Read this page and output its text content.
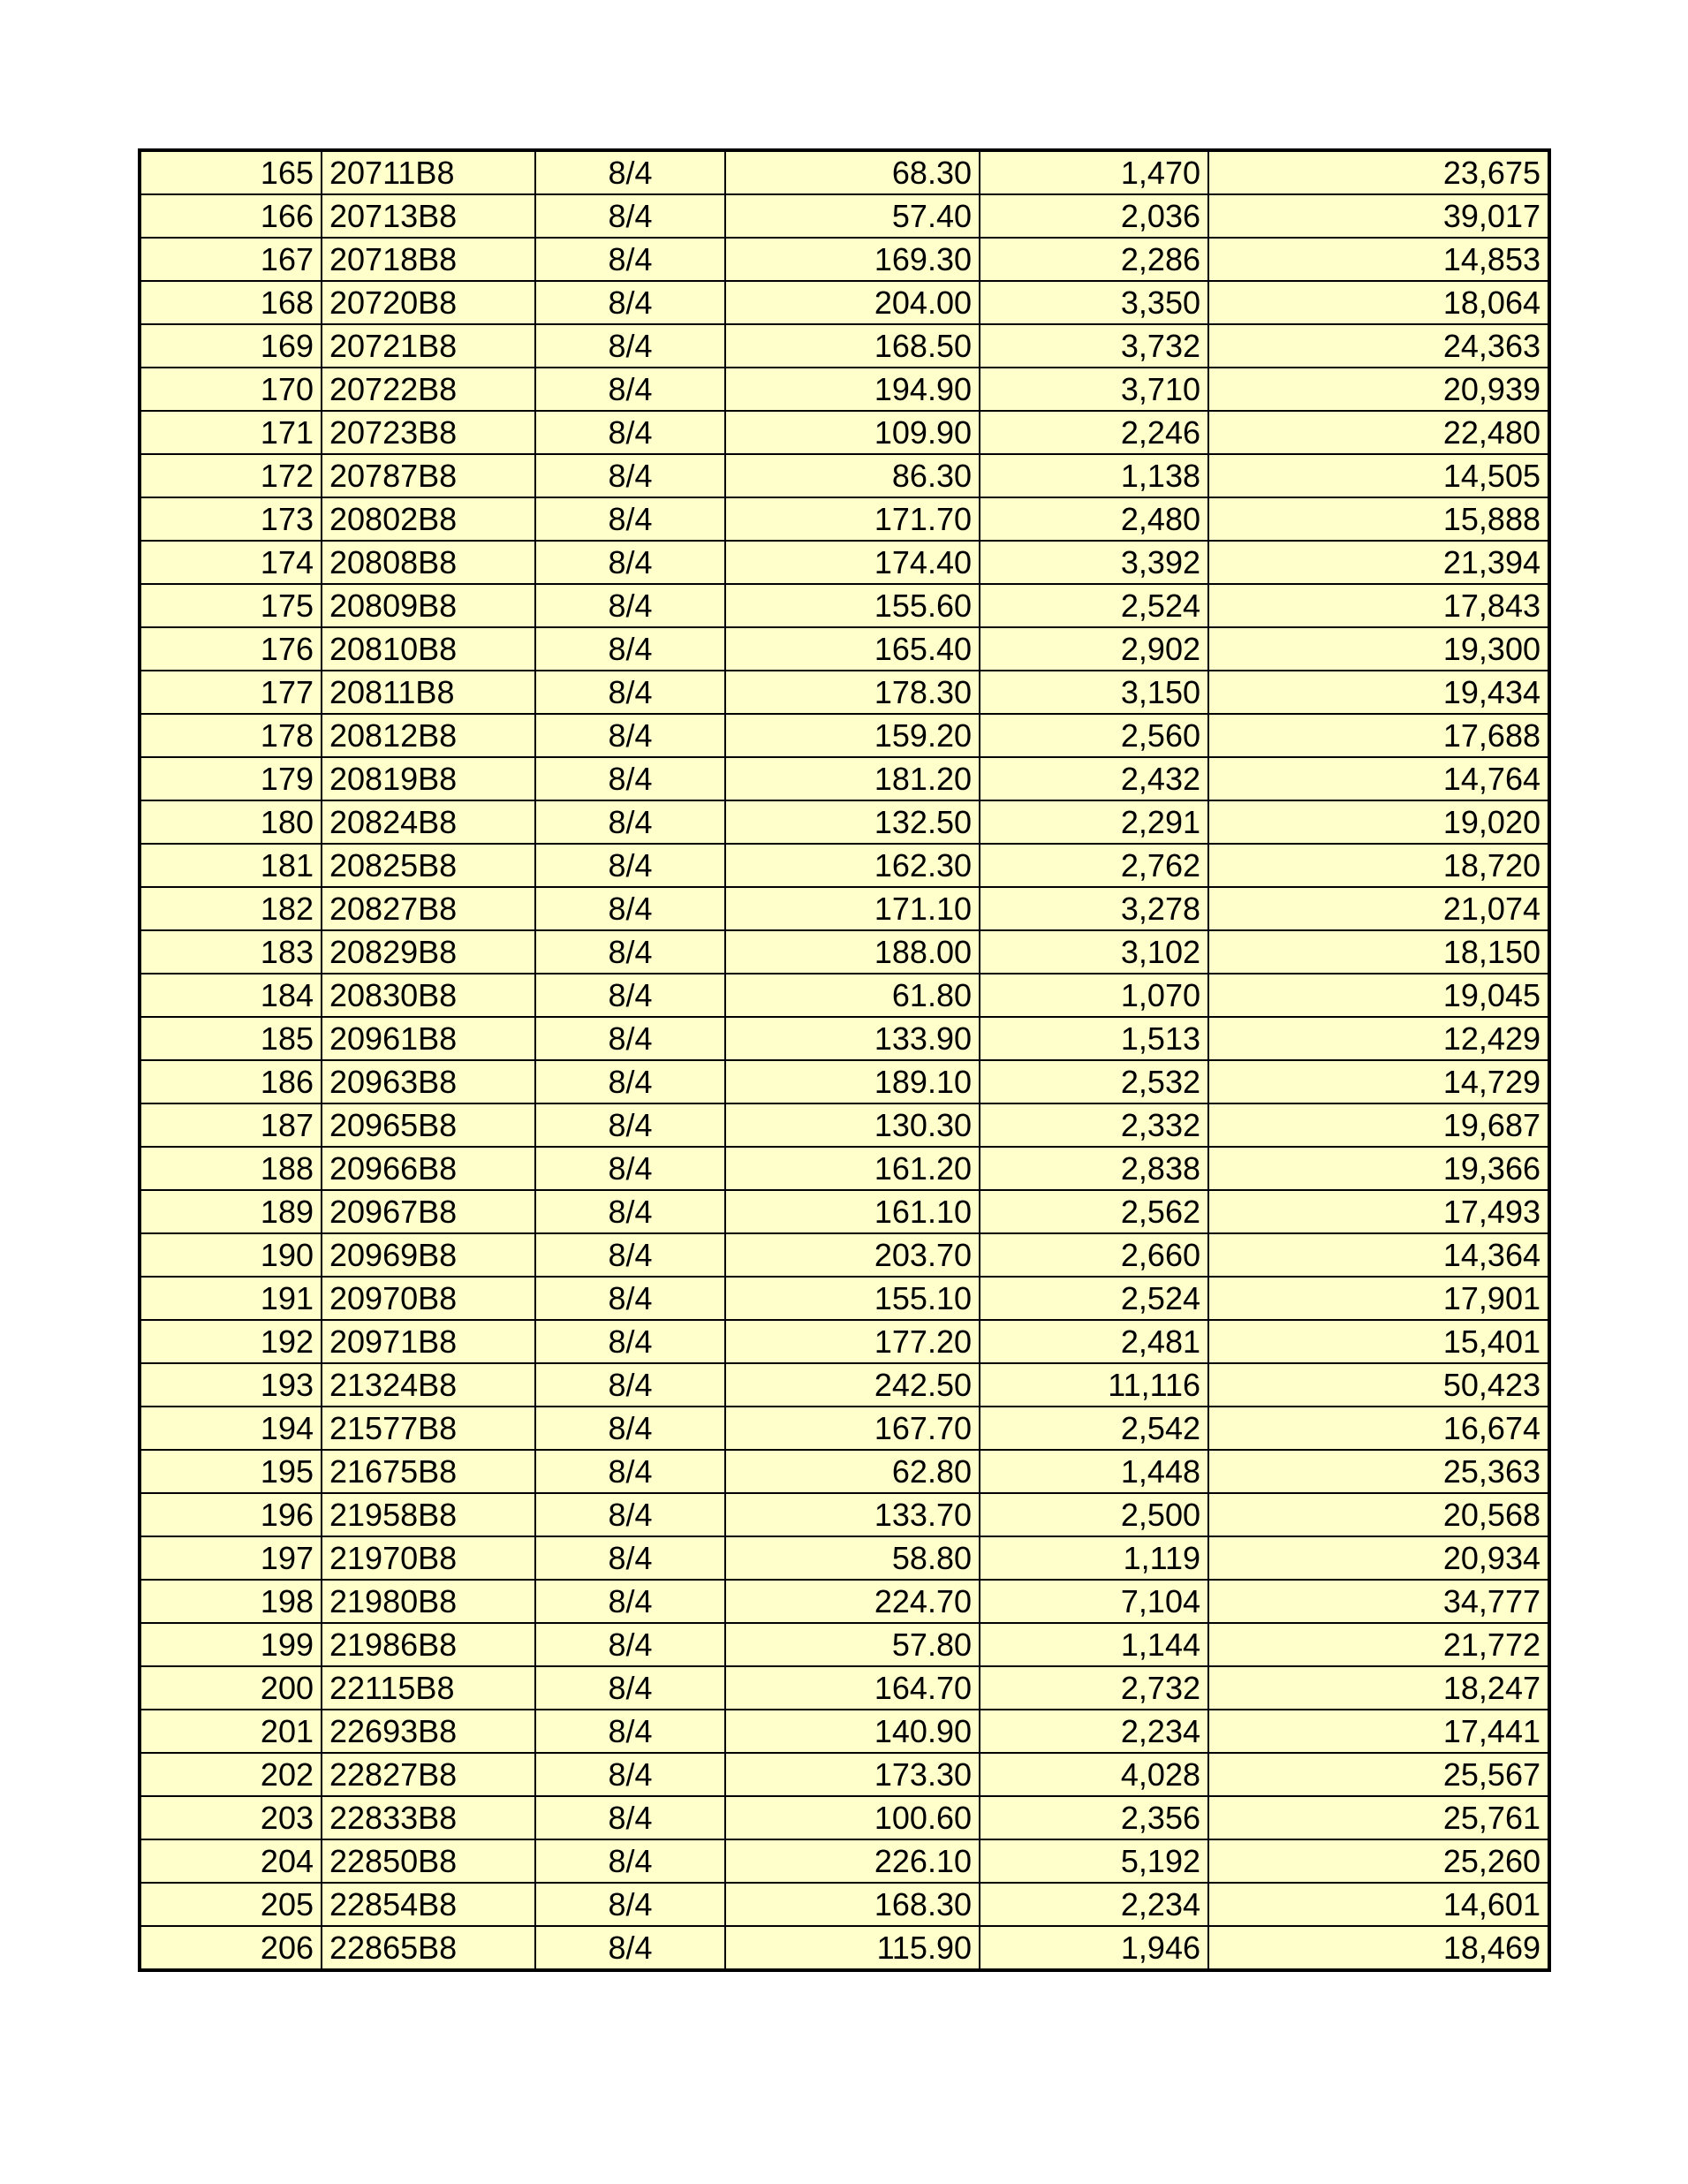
165	20711B8	8/4	68.30	1,470	23,675
166	20713B8	8/4	57.40	2,036	39,017
167	20718B8	8/4	169.30	2,286	14,853
168	20720B8	8/4	204.00	3,350	18,064
169	20721B8	8/4	168.50	3,732	24,363
170	20722B8	8/4	194.90	3,710	20,939
171	20723B8	8/4	109.90	2,246	22,480
172	20787B8	8/4	86.30	1,138	14,505
173	20802B8	8/4	171.70	2,480	15,888
174	20808B8	8/4	174.40	3,392	21,394
175	20809B8	8/4	155.60	2,524	17,843
176	20810B8	8/4	165.40	2,902	19,300
177	20811B8	8/4	178.30	3,150	19,434
178	20812B8	8/4	159.20	2,560	17,688
179	20819B8	8/4	181.20	2,432	14,764
180	20824B8	8/4	132.50	2,291	19,020
181	20825B8	8/4	162.30	2,762	18,720
182	20827B8	8/4	171.10	3,278	21,074
183	20829B8	8/4	188.00	3,102	18,150
184	20830B8	8/4	61.80	1,070	19,045
185	20961B8	8/4	133.90	1,513	12,429
186	20963B8	8/4	189.10	2,532	14,729
187	20965B8	8/4	130.30	2,332	19,687
188	20966B8	8/4	161.20	2,838	19,366
189	20967B8	8/4	161.10	2,562	17,493
190	20969B8	8/4	203.70	2,660	14,364
191	20970B8	8/4	155.10	2,524	17,901
192	20971B8	8/4	177.20	2,481	15,401
193	21324B8	8/4	242.50	11,116	50,423
194	21577B8	8/4	167.70	2,542	16,674
195	21675B8	8/4	62.80	1,448	25,363
196	21958B8	8/4	133.70	2,500	20,568
197	21970B8	8/4	58.80	1,119	20,934
198	21980B8	8/4	224.70	7,104	34,777
199	21986B8	8/4	57.80	1,144	21,772
200	22115B8	8/4	164.70	2,732	18,247
201	22693B8	8/4	140.90	2,234	17,441
202	22827B8	8/4	173.30	4,028	25,567
203	22833B8	8/4	100.60	2,356	25,761
204	22850B8	8/4	226.10	5,192	25,260
205	22854B8	8/4	168.30	2,234	14,601
206	22865B8	8/4	115.90	1,946	18,469
